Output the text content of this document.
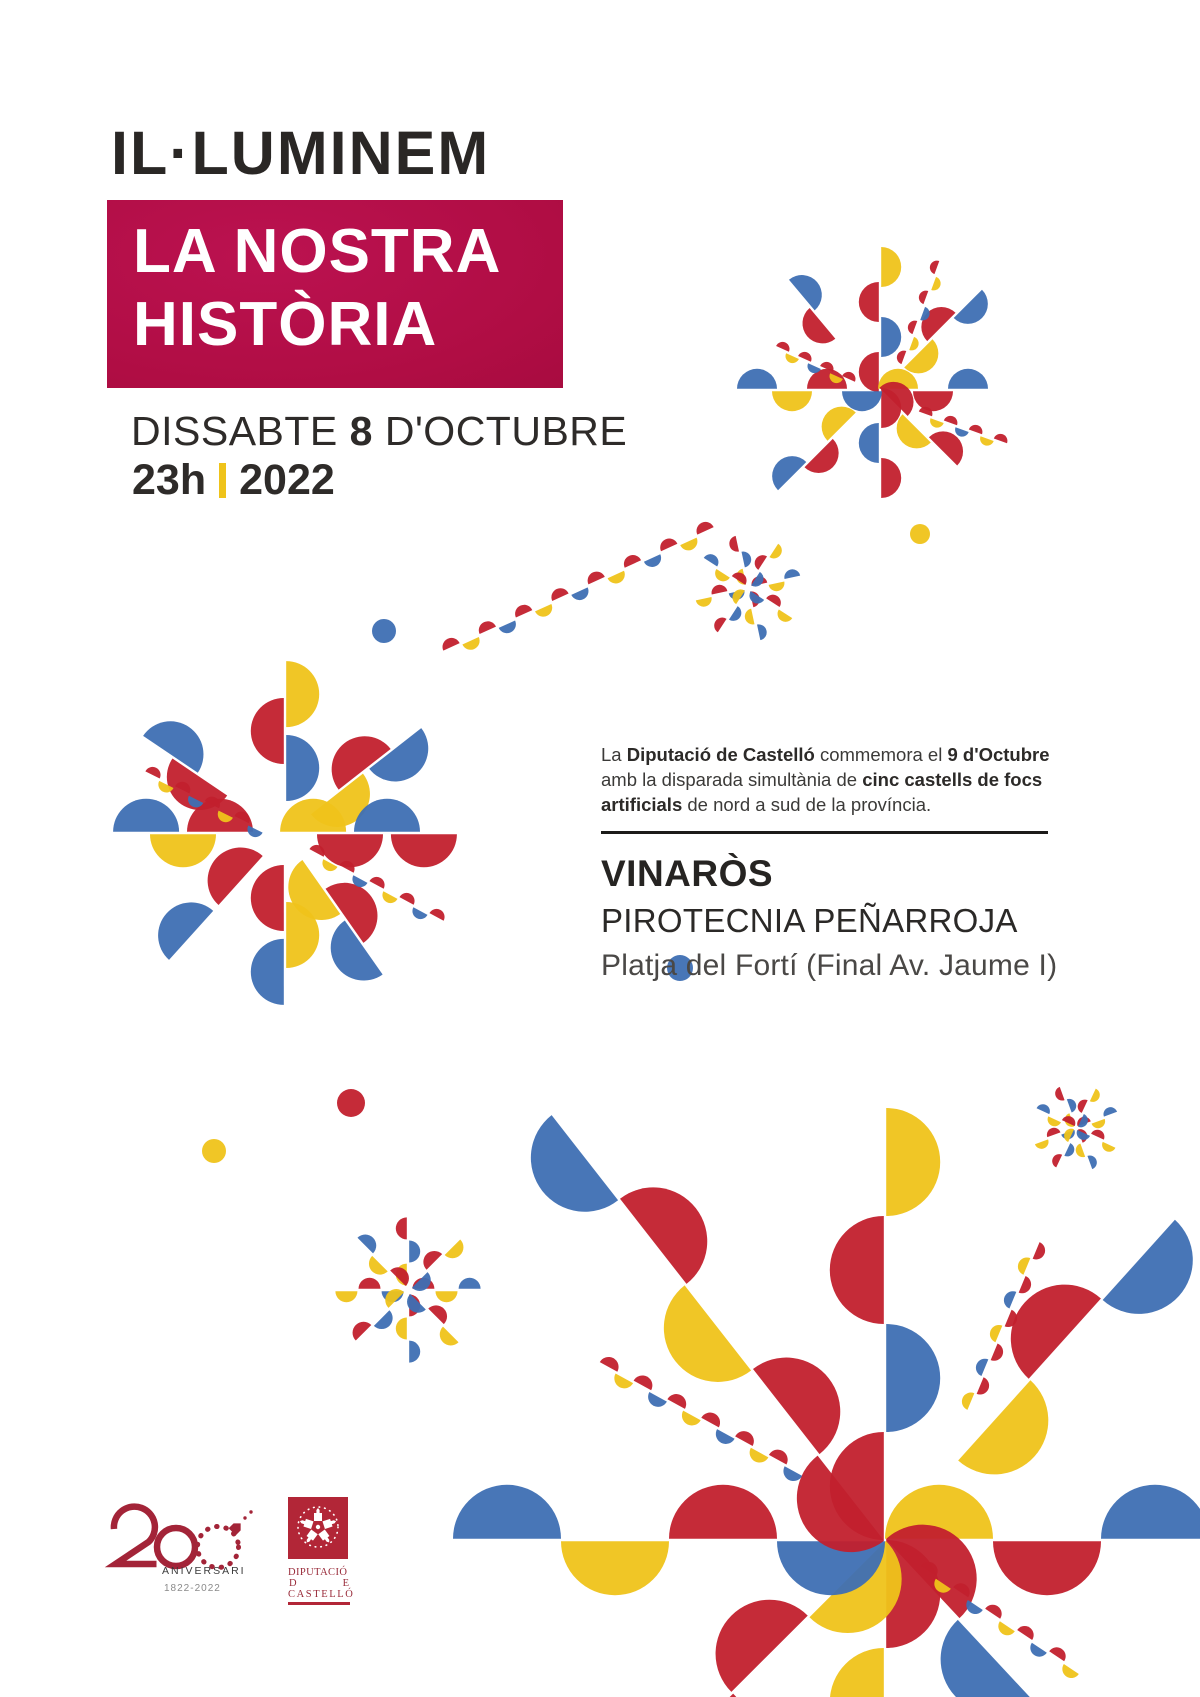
IL·LUMINEM
LA NOSTRA
HISTÒRIA
DISSABTE 8 D'OCTUBRE
23h 2022

La Diputació de Castelló commemora el 9 d'Octubre
amb la disparada simultània de cinc castells de focs
artificials de nord a sud de la província.

VINARÒS
PIROTECNIA PEÑARROJA
Platja del Fortí (Final Av. Jaume I)
ANIVERSARI
1822-2022
DIPUTACIÓ
D	E
CASTELLÓ
